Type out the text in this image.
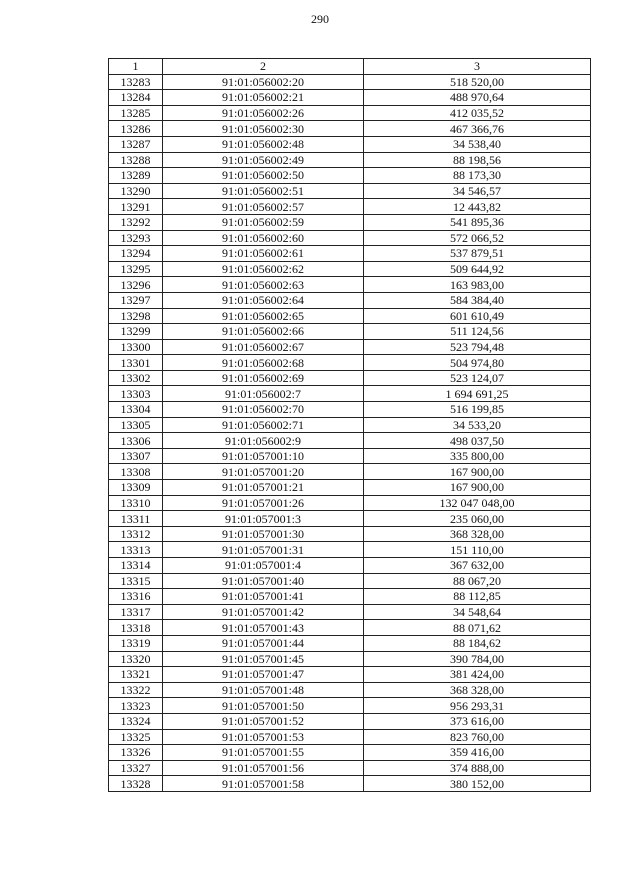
290
1	2	3
13283	91:01:056002:20	518 520,00
13284	91:01:056002:21	488 970,64
13285	91:01:056002:26	412 035,52
13286	91:01:056002:30	467 366,76
13287	91:01:056002:48	34 538,40
13288	91:01:056002:49	88 198,56
13289	91:01:056002:50	88 173,30
13290	91:01:056002:51	34 546,57
13291	91:01:056002:57	12 443,82
13292	91:01:056002:59	541 895,36
13293	91:01:056002:60	572 066,52
13294	91:01:056002:61	537 879,51
13295	91:01:056002:62	509 644,92
13296	91:01:056002:63	163 983,00
13297	91:01:056002:64	584 384,40
13298	91:01:056002:65	601 610,49
13299	91:01:056002:66	511 124,56
13300	91:01:056002:67	523 794,48
13301	91:01:056002:68	504 974,80
13302	91:01:056002:69	523 124,07
13303	91:01:056002:7	1 694 691,25
13304	91:01:056002:70	516 199,85
13305	91:01:056002:71	34 533,20
13306	91:01:056002:9	498 037,50
13307	91:01:057001:10	335 800,00
13308	91:01:057001:20	167 900,00
13309	91:01:057001:21	167 900,00
13310	91:01:057001:26	132 047 048,00
13311	91:01:057001:3	235 060,00
13312	91:01:057001:30	368 328,00
13313	91:01:057001:31	151 110,00
13314	91:01:057001:4	367 632,00
13315	91:01:057001:40	88 067,20
13316	91:01:057001:41	88 112,85
13317	91:01:057001:42	34 548,64
13318	91:01:057001:43	88 071,62
13319	91:01:057001:44	88 184,62
13320	91:01:057001:45	390 784,00
13321	91:01:057001:47	381 424,00
13322	91:01:057001:48	368 328,00
13323	91:01:057001:50	956 293,31
13324	91:01:057001:52	373 616,00
13325	91:01:057001:53	823 760,00
13326	91:01:057001:55	359 416,00
13327	91:01:057001:56	374 888,00
13328	91:01:057001:58	380 152,00
